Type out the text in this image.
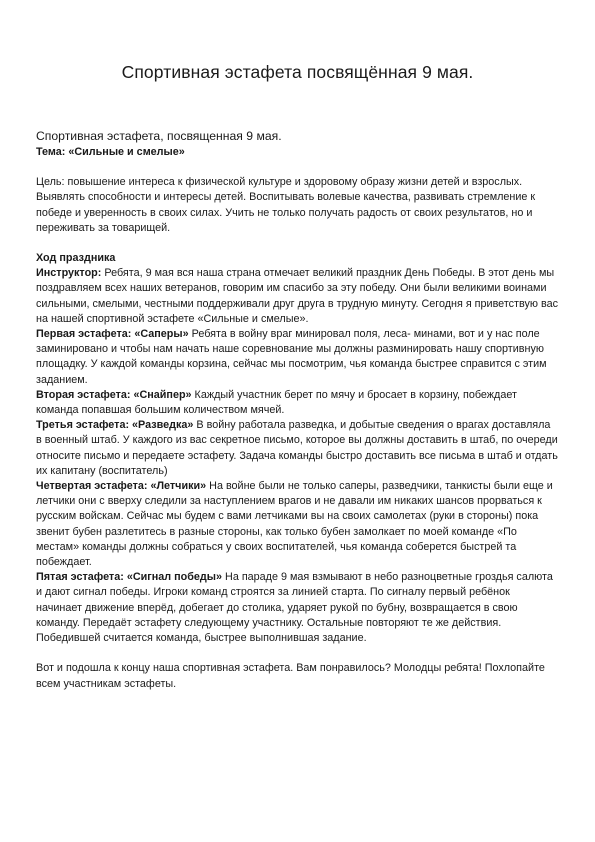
Спортивная эстафета посвящённая 9 мая.

Спортивная эстафета, посвященная 9 мая.

Тема: «Сильные и смелые»

Цель: повышение интереса к физической культуре и здоровому образу жизни детей и взрослых. Выявлять способности и интересы детей. Воспитывать волевые качества, развивать стремление к победе и уверенность в своих силах. Учить не только получать радость от своих результатов, но и переживать за товарищей.

Ход праздника

Инструктор: Ребята, 9 мая вся наша страна отмечает великий праздник День Победы. В этот день мы поздравляем всех наших ветеранов, говорим им спасибо за эту победу. Они были великими воинами сильными, смелыми, честными поддерживали друг друга в трудную минуту. Сегодня я приветствую вас на нашей спортивной эстафете «Сильные и смелые».

Первая эстафета: «Саперы» Ребята в войну враг минировал поля, леса- минами, вот и у нас поле заминировано и чтобы нам начать наше соревнование мы должны разминировать нашу спортивную площадку. У каждой команды корзина, сейчас мы посмотрим, чья команда быстрее справится с этим заданием.

Вторая эстафета: «Снайпер» Каждый участник берет по мячу и бросает в корзину, побеждает команда попавшая большим количеством мячей.

Третья эстафета: «Разведка» В войну работала разведка, и добытые сведения о врагах доставляла в военный штаб. У каждого из вас секретное письмо, которое вы должны доставить в штаб, по очереди относите письмо и передаете эстафету. Задача команды быстро доставить все письма в штаб и отдать их капитану (воспитатель)

Четвертая эстафета: «Летчики» На войне были не только саперы, разведчики, танкисты были еще и летчики они с вверху следили за наступлением врагов и не давали им никаких шансов прорваться к русским войскам. Сейчас мы будем с вами летчиками вы на своих самолетах (руки в стороны) пока звенит бубен разлетитесь в разные стороны, как только бубен замолкает по моей команде «По местам» команды должны собраться у своих воспитателей, чья команда соберется быстрей та побеждает.

Пятая эстафета: «Сигнал победы» На параде 9 мая взмывают в небо разноцветные гроздья салюта и дают сигнал победы. Игроки команд строятся за линией старта. По сигналу первый ребёнок начинает движение вперёд, добегает до столика, ударяет рукой по бубну, возвращается в свою команду. Передаёт эстафету следующему участнику. Остальные повторяют те же действия. Победившей считается команда, быстрее выполнившая задание.

Вот и подошла к концу наша спортивная эстафета. Вам понравилось? Молодцы ребята! Похлопайте всем участникам эстафеты.
